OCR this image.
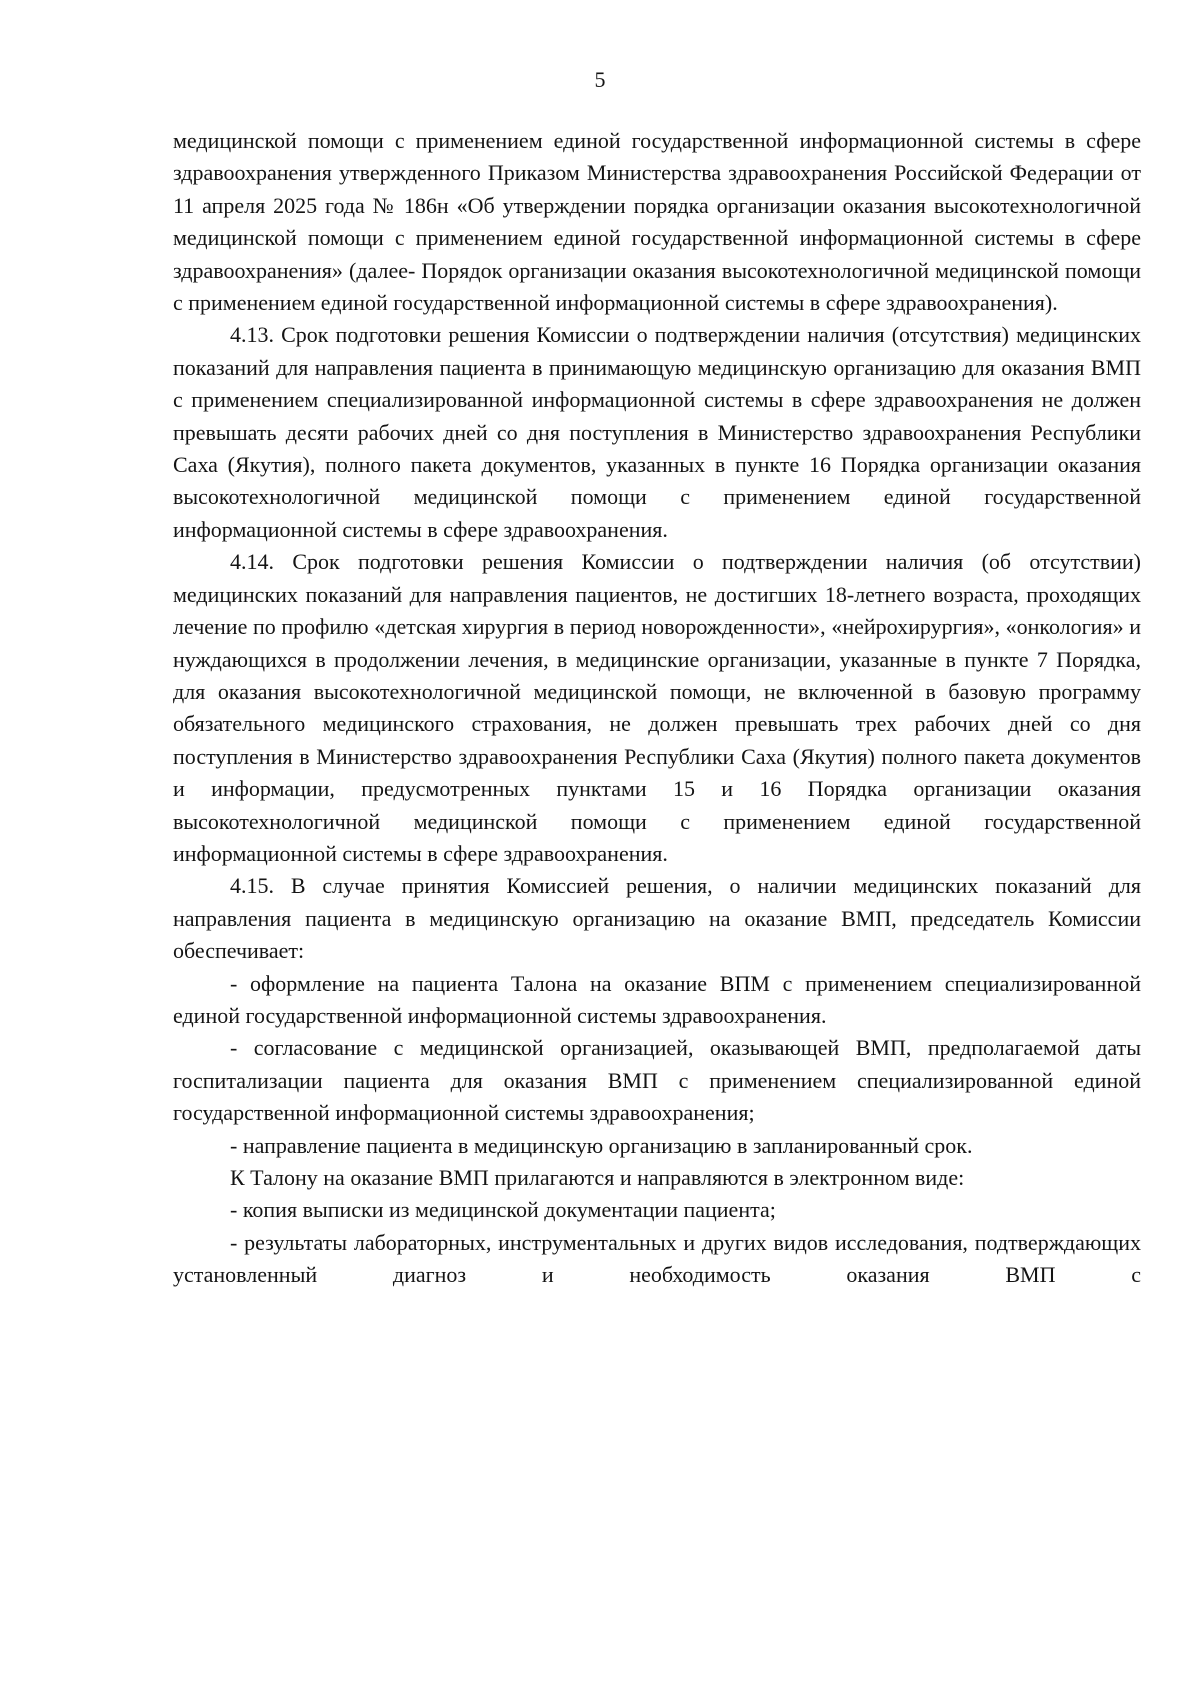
5

медицинской помощи с применением единой государственной информационной системы в сфере здравоохранения утвержденного Приказом Министерства здравоохранения Российской Федерации от 11 апреля 2025 года № 186н «Об утверждении порядка организации оказания высокотехнологичной медицинской помощи с применением единой государственной информационной системы в сфере здравоохранения» (далее- Порядок организации оказания высокотехнологичной медицинской помощи с применением единой государственной информационной системы в сфере здравоохранения).

4.13. Срок подготовки решения Комиссии о подтверждении наличия (отсутствия) медицинских показаний для направления пациента в принимающую медицинскую организацию для оказания ВМП с применением специализированной информационной системы в сфере здравоохранения не должен превышать десяти рабочих дней со дня поступления в Министерство здравоохранения Республики Саха (Якутия), полного пакета документов, указанных в пункте 16 Порядка организации оказания высокотехнологичной медицинской помощи с применением единой государственной информационной системы в сфере здравоохранения.

4.14. Срок подготовки решения Комиссии о подтверждении наличия (об отсутствии) медицинских показаний для направления пациентов, не достигших 18-летнего возраста, проходящих лечение по профилю «детская хирургия в период новорожденности», «нейрохирургия», «онкология» и нуждающихся в продолжении лечения, в медицинские организации, указанные в пункте 7 Порядка, для оказания высокотехнологичной медицинской помощи, не включенной в базовую программу обязательного медицинского страхования, не должен превышать трех рабочих дней со дня поступления в Министерство здравоохранения Республики Саха (Якутия) полного пакета документов и информации, предусмотренных пунктами 15 и 16 Порядка организации оказания высокотехнологичной медицинской помощи с применением единой государственной информационной системы в сфере здравоохранения.

4.15. В случае принятия Комиссией решения, о наличии медицинских показаний для направления пациента в медицинскую организацию на оказание ВМП, председатель Комиссии обеспечивает:

- оформление на пациента Талона на оказание ВПМ с применением специализированной единой государственной информационной системы здравоохранения.

- согласование с медицинской организацией, оказывающей ВМП, предполагаемой даты госпитализации пациента для оказания ВМП с применением специализированной единой государственной информационной системы здравоохранения;

- направление пациента в медицинскую организацию в запланированный срок.

К Талону на оказание ВМП прилагаются и направляются в электронном виде:

- копия выписки из медицинской документации пациента;

- результаты лабораторных, инструментальных и других видов исследования, подтверждающих установленный диагноз и необходимость оказания ВМП с
